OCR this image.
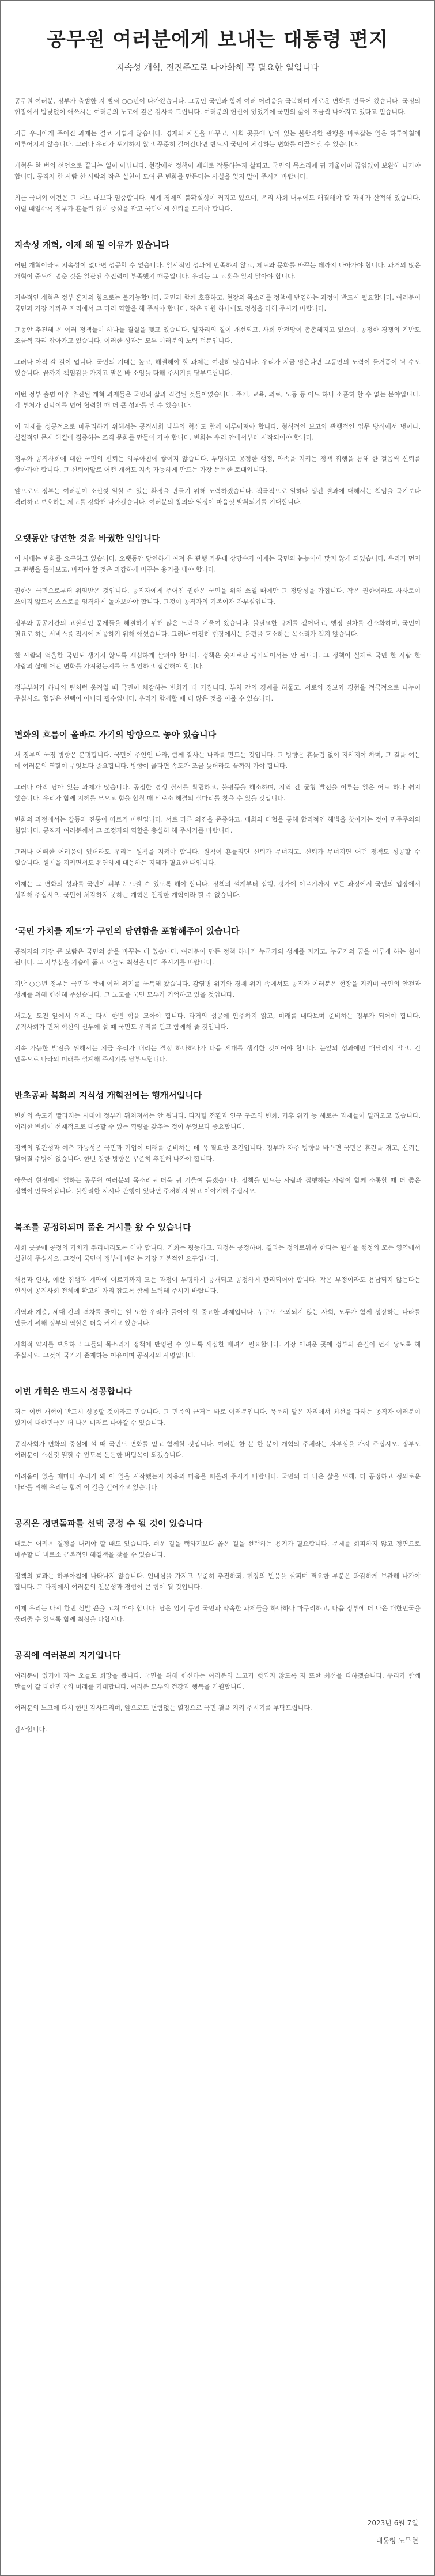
공무원 여러분에게 보내는 대통령 편지

지속성 개혁, 전진주도로 나아화해 꼭 필요한 일입니다

공무원 여러분, 정부가 출범한 지 벌써 ○○년이 다가왔습니다. 그동안 국민과 함께 여러 어려움을 극복하며 새로운 변화를 만들어 왔습니다. 국정의 현장에서 밤낮없이 애쓰시는 여러분의 노고에 깊은 감사를 드립니다. 여러분의 헌신이 있었기에 국민의 삶이 조금씩 나아지고 있다고 믿습니다.

지금 우리에게 주어진 과제는 결코 가볍지 않습니다. 경제의 체질을 바꾸고, 사회 곳곳에 남아 있는 불합리한 관행을 바로잡는 일은 하루아침에 이루어지지 않습니다. 그러나 우리가 포기하지 않고 꾸준히 걸어간다면 반드시 국민이 체감하는 변화를 이끌어낼 수 있습니다.

개혁은 한 번의 선언으로 끝나는 일이 아닙니다. 현장에서 정책이 제대로 작동하는지 살피고, 국민의 목소리에 귀 기울이며 끊임없이 보완해 나가야 합니다. 공직자 한 사람 한 사람의 작은 실천이 모여 큰 변화를 만든다는 사실을 잊지 말아 주시기 바랍니다.

최근 국내외 여건은 그 어느 때보다 엄중합니다. 세계 경제의 불확실성이 커지고 있으며, 우리 사회 내부에도 해결해야 할 과제가 산적해 있습니다. 이럴 때일수록 정부가 흔들림 없이 중심을 잡고 국민에게 신뢰를 드려야 합니다.

지속성 개혁, 이제 왜 필 이유가 있습니다

어떤 개혁이라도 지속성이 없다면 성공할 수 없습니다. 일시적인 성과에 만족하지 않고, 제도와 문화를 바꾸는 데까지 나아가야 합니다. 과거의 많은 개혁이 중도에 멈춘 것은 일관된 추진력이 부족했기 때문입니다. 우리는 그 교훈을 잊지 말아야 합니다.

지속적인 개혁은 정부 혼자의 힘으로는 불가능합니다. 국민과 함께 호흡하고, 현장의 목소리를 정책에 반영하는 과정이 반드시 필요합니다. 여러분이 국민과 가장 가까운 자리에서 그 다리 역할을 해 주셔야 합니다. 작은 민원 하나에도 정성을 다해 주시기 바랍니다.

그동안 추진해 온 여러 정책들이 하나둘 결실을 맺고 있습니다. 일자리의 질이 개선되고, 사회 안전망이 촘촘해지고 있으며, 공정한 경쟁의 기반도 조금씩 자리 잡아가고 있습니다. 이러한 성과는 모두 여러분의 노력 덕분입니다.

그러나 아직 갈 길이 멉니다. 국민의 기대는 높고, 해결해야 할 과제는 여전히 많습니다. 우리가 지금 멈춘다면 그동안의 노력이 물거품이 될 수도 있습니다. 끝까지 책임감을 가지고 맡은 바 소임을 다해 주시기를 당부드립니다.

이번 정부 출범 이후 추진된 개혁 과제들은 국민의 삶과 직결된 것들이었습니다. 주거, 교육, 의료, 노동 등 어느 하나 소홀히 할 수 없는 분야입니다. 각 부처가 칸막이를 넘어 협력할 때 더 큰 성과를 낼 수 있습니다.

이 과제를 성공적으로 마무리하기 위해서는 공직사회 내부의 혁신도 함께 이루어져야 합니다. 형식적인 보고와 관행적인 업무 방식에서 벗어나, 실질적인 문제 해결에 집중하는 조직 문화를 만들어 가야 합니다. 변화는 우리 안에서부터 시작되어야 합니다.

정부와 공직사회에 대한 국민의 신뢰는 하루아침에 쌓이지 않습니다. 투명하고 공정한 행정, 약속을 지키는 정책 집행을 통해 한 걸음씩 신뢰를 쌓아가야 합니다. 그 신뢰야말로 어떤 개혁도 지속 가능하게 만드는 가장 든든한 토대입니다.

앞으로도 정부는 여러분이 소신껏 일할 수 있는 환경을 만들기 위해 노력하겠습니다. 적극적으로 일하다 생긴 결과에 대해서는 책임을 묻기보다 격려하고 보호하는 제도를 강화해 나가겠습니다. 여러분의 창의와 열정이 마음껏 발휘되기를 기대합니다.

오랫동안 당연한 것을 바꿨한 일입니다

이 시대는 변화를 요구하고 있습니다. 오랫동안 당연하게 여겨 온 관행 가운데 상당수가 이제는 국민의 눈높이에 맞지 않게 되었습니다. 우리가 먼저 그 관행을 돌아보고, 바꿔야 할 것은 과감하게 바꾸는 용기를 내야 합니다.

권한은 국민으로부터 위임받은 것입니다. 공직자에게 주어진 권한은 국민을 위해 쓰일 때에만 그 정당성을 가집니다. 작은 권한이라도 사사로이 쓰이지 않도록 스스로를 엄격하게 돌아보아야 합니다. 그것이 공직자의 기본이자 자부심입니다.

정부와 공공기관의 고질적인 문제들을 해결하기 위해 많은 노력을 기울여 왔습니다. 불필요한 규제를 걷어내고, 행정 절차를 간소화하며, 국민이 필요로 하는 서비스를 적시에 제공하기 위해 애썼습니다. 그러나 여전히 현장에서는 불편을 호소하는 목소리가 적지 않습니다.

한 사람의 억울한 국민도 생기지 않도록 세심하게 살펴야 합니다. 정책은 숫자로만 평가되어서는 안 됩니다. 그 정책이 실제로 국민 한 사람 한 사람의 삶에 어떤 변화를 가져왔는지를 늘 확인하고 점검해야 합니다.

정부부처가 하나의 팀처럼 움직일 때 국민이 체감하는 변화가 더 커집니다. 부처 간의 경계를 허물고, 서로의 정보와 경험을 적극적으로 나누어 주십시오. 협업은 선택이 아니라 필수입니다. 우리가 함께할 때 더 많은 것을 이룰 수 있습니다.

변화의 흐름이 올바로 가기의 방향으로 놓아 있습니다

새 정부의 국정 방향은 분명합니다. 국민이 주인인 나라, 함께 잘사는 나라를 만드는 것입니다. 그 방향은 흔들림 없이 지켜져야 하며, 그 길을 여는 데 여러분의 역할이 무엇보다 중요합니다. 방향이 옳다면 속도가 조금 늦더라도 끝까지 가야 합니다.

그러나 아직 남아 있는 과제가 많습니다. 공정한 경쟁 질서를 확립하고, 불평등을 해소하며, 지역 간 균형 발전을 이루는 일은 어느 하나 쉽지 않습니다. 우리가 함께 지혜를 모으고 힘을 합칠 때 비로소 해결의 실마리를 찾을 수 있을 것입니다.

변화의 과정에서는 갈등과 진통이 따르기 마련입니다. 서로 다른 의견을 존중하고, 대화와 타협을 통해 합리적인 해법을 찾아가는 것이 민주주의의 힘입니다. 공직자 여러분께서 그 조정자의 역할을 충실히 해 주시기를 바랍니다.

그러나 어떠한 어려움이 있더라도 우리는 원칙을 지켜야 합니다. 원칙이 흔들리면 신뢰가 무너지고, 신뢰가 무너지면 어떤 정책도 성공할 수 없습니다. 원칙을 지키면서도 유연하게 대응하는 지혜가 필요한 때입니다.

이제는 그 변화의 성과를 국민이 피부로 느낄 수 있도록 해야 합니다. 정책의 설계부터 집행, 평가에 이르기까지 모든 과정에서 국민의 입장에서 생각해 주십시오. 국민이 체감하지 못하는 개혁은 진정한 개혁이라 할 수 없습니다.

‘국민 가치를 제도’가 구인의 당연함을 포함해주어 있습니다

공직자의 가장 큰 보람은 국민의 삶을 바꾸는 데 있습니다. 여러분이 만든 정책 하나가 누군가의 생계를 지키고, 누군가의 꿈을 이루게 하는 힘이 됩니다. 그 자부심을 가슴에 품고 오늘도 최선을 다해 주시기를 바랍니다.

지난 ○○년 정부는 국민과 함께 여러 위기를 극복해 왔습니다. 감염병 위기와 경제 위기 속에서도 공직자 여러분은 현장을 지키며 국민의 안전과 생계를 위해 헌신해 주셨습니다. 그 노고를 국민 모두가 기억하고 있을 것입니다.

새로운 도전 앞에서 우리는 다시 한번 힘을 모아야 합니다. 과거의 성공에 안주하지 않고, 미래를 내다보며 준비하는 정부가 되어야 합니다. 공직사회가 먼저 혁신의 선두에 설 때 국민도 우리를 믿고 함께해 줄 것입니다.

지속 가능한 발전을 위해서는 지금 우리가 내리는 결정 하나하나가 다음 세대를 생각한 것이어야 합니다. 눈앞의 성과에만 매달리지 말고, 긴 안목으로 나라의 미래를 설계해 주시기를 당부드립니다.

반초공과 북화의 지식성 개혁전에는 행개서입니다

변화의 속도가 빨라지는 시대에 정부가 뒤처져서는 안 됩니다. 디지털 전환과 인구 구조의 변화, 기후 위기 등 새로운 과제들이 밀려오고 있습니다. 이러한 변화에 선제적으로 대응할 수 있는 역량을 갖추는 것이 무엇보다 중요합니다.

정책의 일관성과 예측 가능성은 국민과 기업이 미래를 준비하는 데 꼭 필요한 조건입니다. 정부가 자주 방향을 바꾸면 국민은 혼란을 겪고, 신뢰는 떨어질 수밖에 없습니다. 한번 정한 방향은 꾸준히 추진해 나가야 합니다.

아울러 현장에서 일하는 공무원 여러분의 목소리도 더욱 귀 기울여 듣겠습니다. 정책을 만드는 사람과 집행하는 사람이 함께 소통할 때 더 좋은 정책이 만들어집니다. 불합리한 지시나 관행이 있다면 주저하지 말고 이야기해 주십시오.

북조를 공정하되며 풀은 거시를 왔 수 있습니다

사회 곳곳에 공정의 가치가 뿌리내리도록 해야 합니다. 기회는 평등하고, 과정은 공정하며, 결과는 정의로워야 한다는 원칙을 행정의 모든 영역에서 실천해 주십시오. 그것이 국민이 정부에 바라는 가장 기본적인 요구입니다.

채용과 인사, 예산 집행과 계약에 이르기까지 모든 과정이 투명하게 공개되고 공정하게 관리되어야 합니다. 작은 부정이라도 용납되지 않는다는 인식이 공직사회 전체에 확고히 자리 잡도록 함께 노력해 주시기 바랍니다.

지역과 계층, 세대 간의 격차를 줄이는 일 또한 우리가 풀어야 할 중요한 과제입니다. 누구도 소외되지 않는 사회, 모두가 함께 성장하는 나라를 만들기 위해 정부의 역할은 더욱 커지고 있습니다.

사회적 약자를 보호하고 그들의 목소리가 정책에 반영될 수 있도록 세심한 배려가 필요합니다. 가장 어려운 곳에 정부의 손길이 먼저 닿도록 해 주십시오. 그것이 국가가 존재하는 이유이며 공직자의 사명입니다.

이번 개혁은 반드시 성공합니다

저는 이번 개혁이 반드시 성공할 것이라고 믿습니다. 그 믿음의 근거는 바로 여러분입니다. 묵묵히 맡은 자리에서 최선을 다하는 공직자 여러분이 있기에 대한민국은 더 나은 미래로 나아갈 수 있습니다.

공직사회가 변화의 중심에 설 때 국민도 변화를 믿고 함께할 것입니다. 여러분 한 분 한 분이 개혁의 주체라는 자부심을 가져 주십시오. 정부도 여러분이 소신껏 일할 수 있도록 든든한 버팀목이 되겠습니다.

어려움이 있을 때마다 우리가 왜 이 일을 시작했는지 처음의 마음을 떠올려 주시기 바랍니다. 국민의 더 나은 삶을 위해, 더 공정하고 정의로운 나라를 위해 우리는 함께 이 길을 걸어가고 있습니다.

공직은 정면돌파를 선택 공정 수 될 것이 있습니다

때로는 어려운 결정을 내려야 할 때도 있습니다. 쉬운 길을 택하기보다 옳은 길을 선택하는 용기가 필요합니다. 문제를 회피하지 않고 정면으로 마주할 때 비로소 근본적인 해결책을 찾을 수 있습니다.

정책의 효과는 하루아침에 나타나지 않습니다. 인내심을 가지고 꾸준히 추진하되, 현장의 반응을 살피며 필요한 부분은 과감하게 보완해 나가야 합니다. 그 과정에서 여러분의 전문성과 경험이 큰 힘이 될 것입니다.

이제 우리는 다시 한번 신발 끈을 고쳐 매야 합니다. 남은 임기 동안 국민과 약속한 과제들을 하나하나 마무리하고, 다음 정부에 더 나은 대한민국을 물려줄 수 있도록 함께 최선을 다합시다.

공직에 여러분의 지기입니다

여러분이 있기에 저는 오늘도 희망을 봅니다. 국민을 위해 헌신하는 여러분의 노고가 헛되지 않도록 저 또한 최선을 다하겠습니다. 우리가 함께 만들어 갈 대한민국의 미래를 기대합니다. 여러분 모두의 건강과 행복을 기원합니다.

여러분의 노고에 다시 한번 감사드리며, 앞으로도 변함없는 열정으로 국민 곁을 지켜 주시기를 부탁드립니다.

감사합니다.

2023년 6월 7일
대통령 노무현
